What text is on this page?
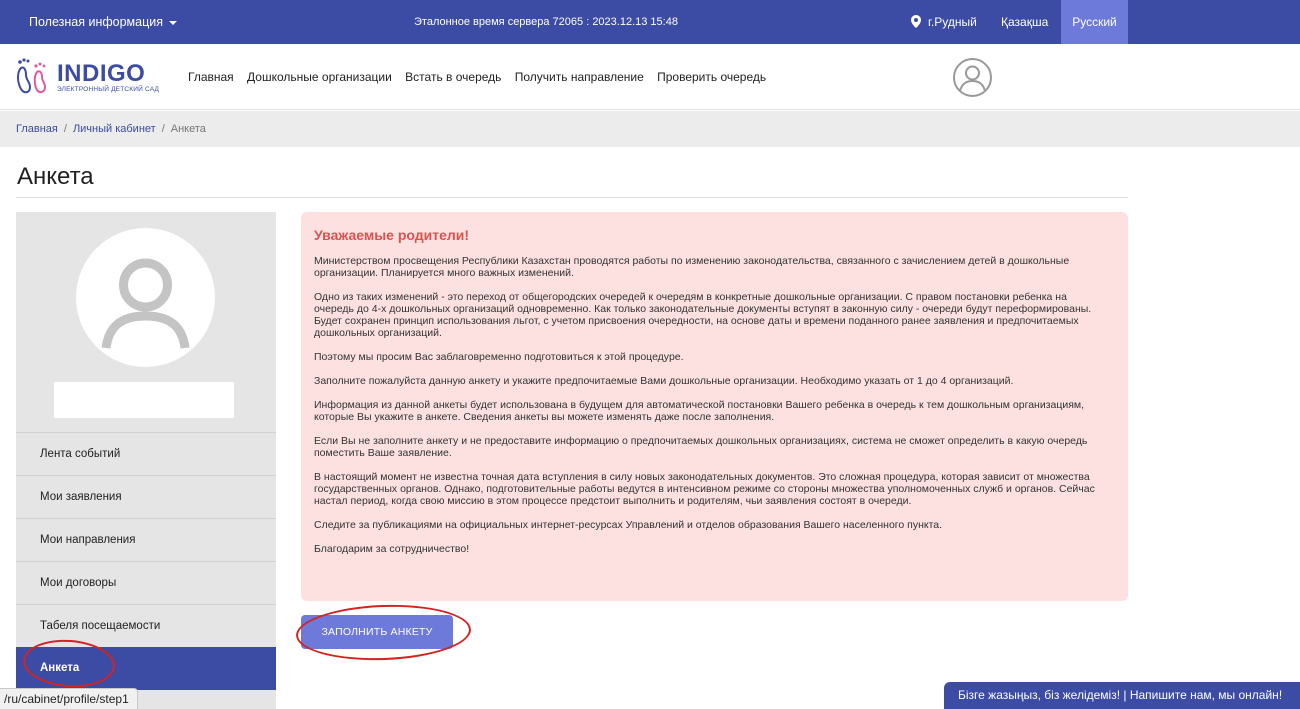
Полезная информация	Эталонное время сервера 72065 : 2023.12.13 15:48	г.Рудный Қазақша	Русский
INDIGO
ЭЛЕКТРОННЫЙ ДЕТСКИЙ САД
Главная Дошкольные организации Встать в очередь Получить направление Проверить очередь
Главная / Личный кабинет / Анкета
Анкета
Лента событий
Мои заявления
Мои направления
Мои договоры
Табеля посещаемости
Анкета
Уважаемые родители!

Министерством просвещения Республики Казахстан проводятся работы по изменению законодательства, связанного с зачислением детей в дошкольные организации. Планируется много важных изменений.

Одно из таких изменений - это переход от общегородских очередей к очередям в конкретные дошкольные организации. С правом постановки ребенка на очередь до 4-х дошкольных организаций одновременно. Как только законодательные документы вступят в законную силу - очереди будут переформированы. Будет сохранен принцип использования льгот, с учетом присвоения очередности, на основе даты и времени поданного ранее заявления и предпочитаемых дошкольных организаций.

Поэтому мы просим Вас заблаговременно подготовиться к этой процедуре.

Заполните пожалуйста данную анкету и укажите предпочитаемые Вами дошкольные организации. Необходимо указать от 1 до 4 организаций.

Информация из данной анкеты будет использована в будущем для автоматической постановки Вашего ребенка в очередь к тем дошкольным организациям, которые Вы укажите в анкете. Сведения анкеты вы можете изменять даже после заполнения.

Если Вы не заполните анкету и не предоставите информацию о предпочитаемых дошкольных организациях, система не сможет определить в какую очередь поместить Ваше заявление.

В настоящий момент не известна точная дата вступления в силу новых законодательных документов. Это сложная процедура, которая зависит от множества государственных органов. Однако, подготовительные работы ведутся в интенсивном режиме со стороны множества уполномоченных служб и органов. Сейчас настал период, когда свою миссию в этом процессе предстоит выполнить и родителям, чьи заявления состоят в очереди.

Следите за публикациями на официальных интернет-ресурсах Управлений и отделов образования Вашего населенного пункта.

Благодарим за сотрудничество!

ЗАПОЛНИТЬ АНКЕТУ
/ru/cabinet/profile/step1	Бізге жазыңыз, біз желідеміз! | Напишите нам, мы онлайн!
